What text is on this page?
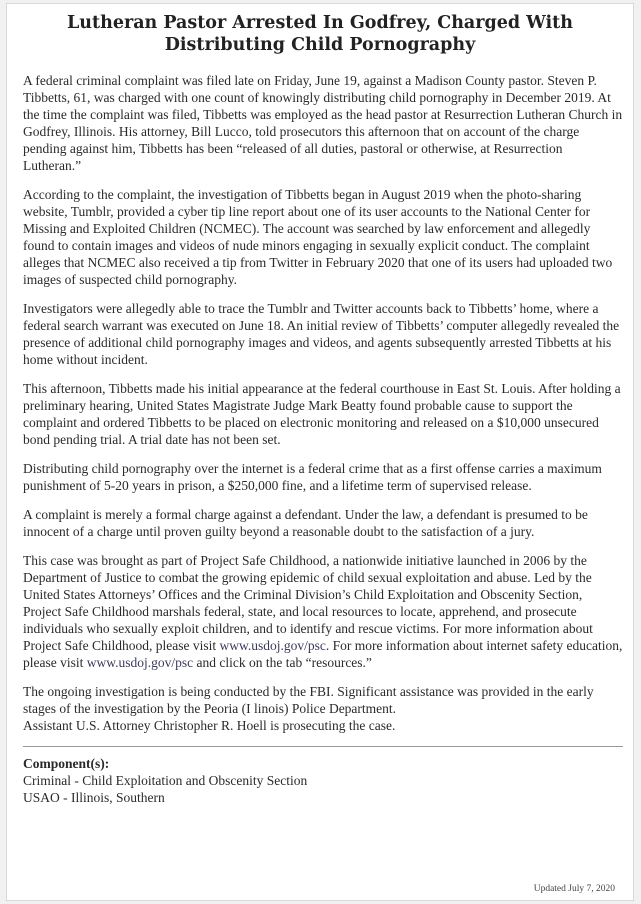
Lutheran Pastor Arrested In Godfrey, Charged With Distributing Child Pornography

A federal criminal complaint was filed late on Friday, June 19, against a Madison County pastor. Steven P. Tibbetts, 61, was charged with one count of knowingly distributing child pornography in December 2019. At the time the complaint was filed, Tibbetts was employed as the head pastor at Resurrection Lutheran Church in Godfrey, Illinois. His attorney, Bill Lucco, told prosecutors this afternoon that on account of the charge pending against him, Tibbetts has been “released of all duties, pastoral or otherwise, at Resurrection Lutheran.”

According to the complaint, the investigation of Tibbetts began in August 2019 when the photo-sharing website, Tumblr, provided a cyber tip line report about one of its user accounts to the National Center for Missing and Exploited Children (NCMEC). The account was searched by law enforcement and allegedly found to contain images and videos of nude minors engaging in sexually explicit conduct. The complaint alleges that NCMEC also received a tip from Twitter in February 2020 that one of its users had uploaded two images of suspected child pornography.

Investigators were allegedly able to trace the Tumblr and Twitter accounts back to Tibbetts’ home, where a federal search warrant was executed on June 18. An initial review of Tibbetts’ computer allegedly revealed the presence of additional child pornography images and videos, and agents subsequently arrested Tibbetts at his home without incident.

This afternoon, Tibbetts made his initial appearance at the federal courthouse in East St. Louis. After holding a preliminary hearing, United States Magistrate Judge Mark Beatty found probable cause to support the complaint and ordered Tibbetts to be placed on electronic monitoring and released on a $10,000 unsecured bond pending trial. A trial date has not been set.

Distributing child pornography over the internet is a federal crime that as a first offense carries a maximum punishment of 5-20 years in prison, a $250,000 fine, and a lifetime term of supervised release.

A complaint is merely a formal charge against a defendant. Under the law, a defendant is presumed to be innocent of a charge until proven guilty beyond a reasonable doubt to the satisfaction of a jury.

This case was brought as part of Project Safe Childhood, a nationwide initiative launched in 2006 by the Department of Justice to combat the growing epidemic of child sexual exploitation and abuse. Led by the United States Attorneys’ Offices and the Criminal Division’s Child Exploitation and Obscenity Section, Project Safe Childhood marshals federal, state, and local resources to locate, apprehend, and prosecute individuals who sexually exploit children, and to identify and rescue victims. For more information about Project Safe Childhood, please visit www.usdoj.gov/psc. For more information about internet safety education, please visit www.usdoj.gov/psc and click on the tab “resources.”

The ongoing investigation is being conducted by the FBI. Significant assistance was provided in the early stages of the investigation by the Peoria (I linois) Police Department.
Assistant U.S. Attorney Christopher R. Hoell is prosecuting the case.

Component(s):
Criminal - Child Exploitation and Obscenity Section
USAO - Illinois, Southern
Updated July 7, 2020
